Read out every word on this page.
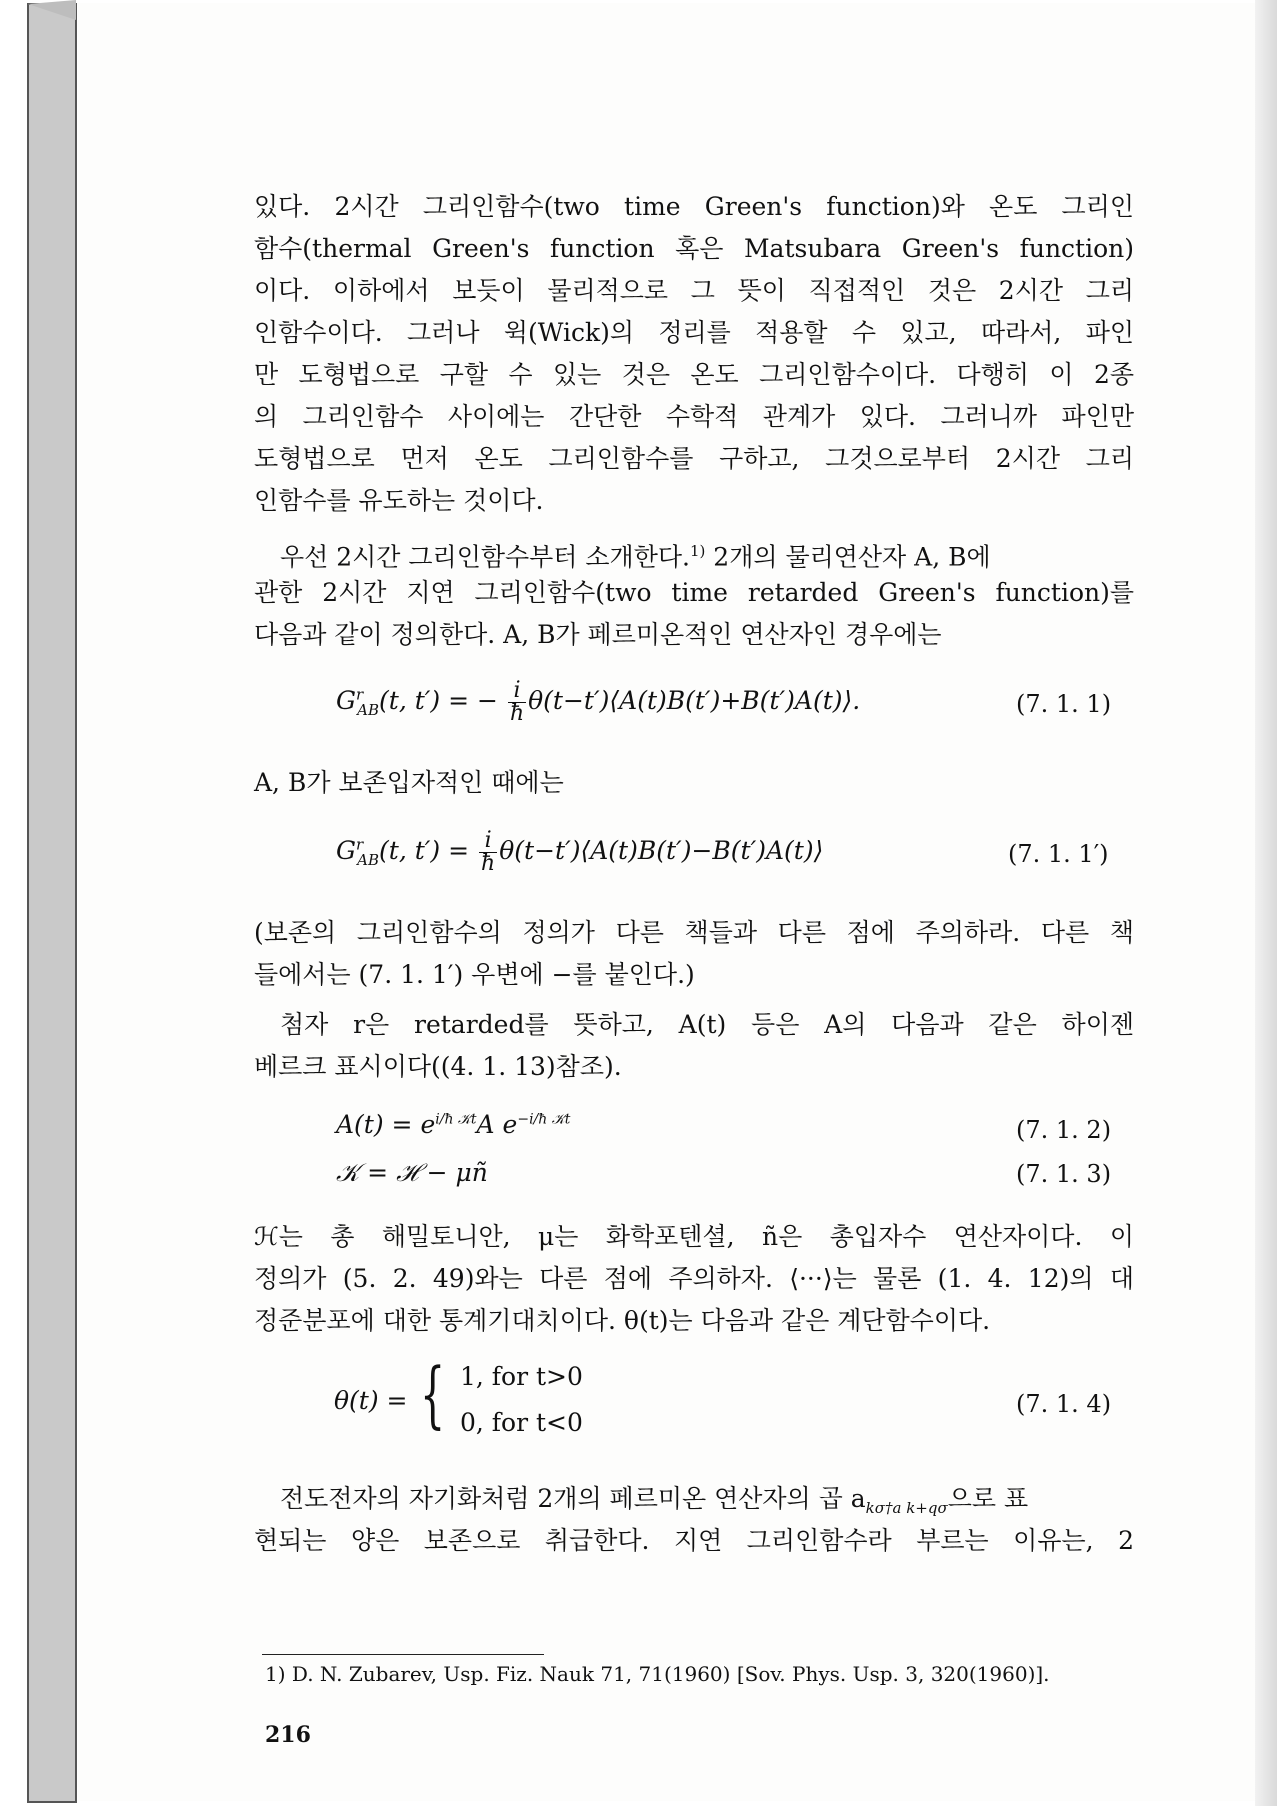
있다. 2시간 그리인함수(two time Green's function)와 온도 그리인

함수(thermal Green's function 혹은 Matsubara Green's function)

이다. 이하에서 보듯이 물리적으로 그 뜻이 직접적인 것은 2시간 그리

인함수이다. 그러나 윅(Wick)의 정리를 적용할 수 있고, 따라서, 파인

만 도형법으로 구할 수 있는 것은 온도 그리인함수이다. 다행히 이 2종

의 그리인함수 사이에는 간단한 수학적 관계가 있다. 그러니까 파인만

도형법으로 먼저 온도 그리인함수를 구하고, 그것으로부터 2시간 그리

인함수를 유도하는 것이다.

우선 2시간 그리인함수부터 소개한다.$^{1)}$ 2개의 물리연산자 A, B에

관한 2시간 지연 그리인함수(two time retarded Green's function)를

다음과 같이 정의한다. A, B가 페르미온적인 연산자인 경우에는

$G^r_{AB}(t$, t′) = − $\frac{i}{ħ}$ θ(t−t′)⟨A(t)B(t′)+B(t′)A(t)⟩.	(7. 1. 1)

A, B가 보존입자적인 때에는

$G^r_{AB}(t$, $t') = \frac{i}{ħ}$ θ(t−t′)⟨A(t)B(t′)−B(t′)A(t)⟩	(7. 1. 1′)

(보존의 그리인함수의 정의가 다른 책들과 다른 점에 주의하라. 다른 책

들에서는 (7. 1. 1′) 우변에 −를 붙인다.)

첨자 r은 retarded를 뜻하고, A(t) 등은 A의 다음과 같은 하이젠

베르크 표시이다((4. 1. 13)참조).

$A(t) = e^{i/ħ 𝒦t}A$ $e^{-i/ħ 𝒦t}$	(7. 1. 2)
𝒦 = ℋ − μñ	(7. 1. 3)

ℋ는 총 해밀토니안, μ는 화학포텐셜, ñ은 총입자수 연산자이다. 이

정의가 (5. 2. 49)와는 다른 점에 주의하자. ⟨···⟩는 물론 (1. 4. 12)의 대

정준분포에 대한 통계기대치이다. θ(t)는 다음과 같은 계단함수이다.

θ(t) = { 1, for t>0
0, for t<0
(7. 1. 4)

전도전자의 자기화처럼 2개의 페르미온 연산자의 곱 $a_{k\sigma\dagger a k+q\sigma}$으로 표

현되는 양은 보존으로 취급한다. 지연 그리인함수라 부르는 이유는, 2

1) D. N. Zubarev, Usp. Fiz. Nauk 71, 71(1960) [Sov. Phys. Usp. 3, 320(1960)].
216
